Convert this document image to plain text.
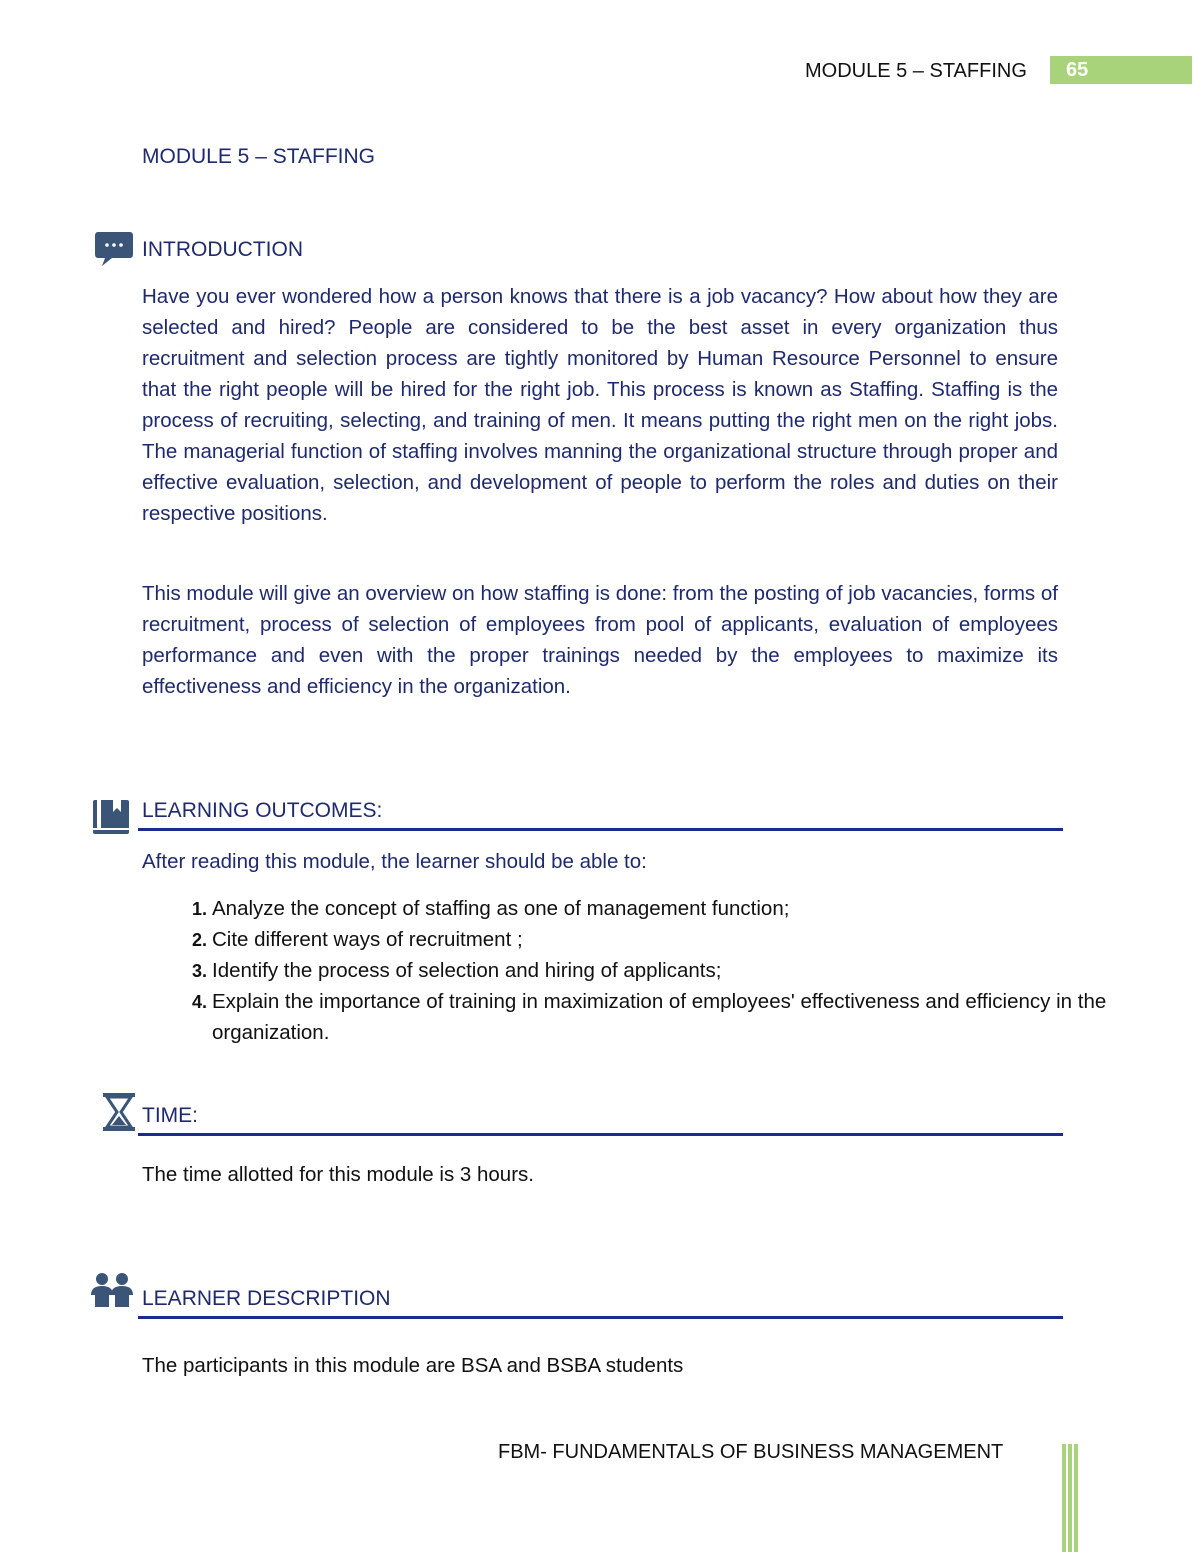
MODULE 5 – STAFFING	65
MODULE 5 – STAFFING
INTRODUCTION
Have you ever wondered how a person knows that there is a job vacancy? How about how they are selected and hired? People are considered to be the best asset in every organization thus recruitment and selection process are tightly monitored by Human Resource Personnel to ensure that the right people will be hired for the right job. This process is known as Staffing. Staffing is the process of recruiting, selecting, and training of men. It means putting the right men on the right jobs. The managerial function of staffing involves manning the organizational structure through proper and effective evaluation, selection, and development of people to perform the roles and duties on their respective positions.
This module will give an overview on how staffing is done: from the posting of job vacancies, forms of recruitment, process of selection of employees from pool of applicants, evaluation of employees performance and even with the proper trainings needed by the employees to maximize its effectiveness and efficiency in the organization.
LEARNING OUTCOMES:
After reading this module, the learner should be able to:
1. Analyze the concept of staffing as one of management function;
2. Cite different ways of recruitment ;
3. Identify the process of selection and hiring of applicants;
4. Explain the importance of training in maximization of employees' effectiveness and efficiency in the organization.
TIME:
The time allotted for this module is 3 hours.
LEARNER DESCRIPTION
The participants in this module are BSA and BSBA students
FBM- FUNDAMENTALS OF BUSINESS MANAGEMENT
